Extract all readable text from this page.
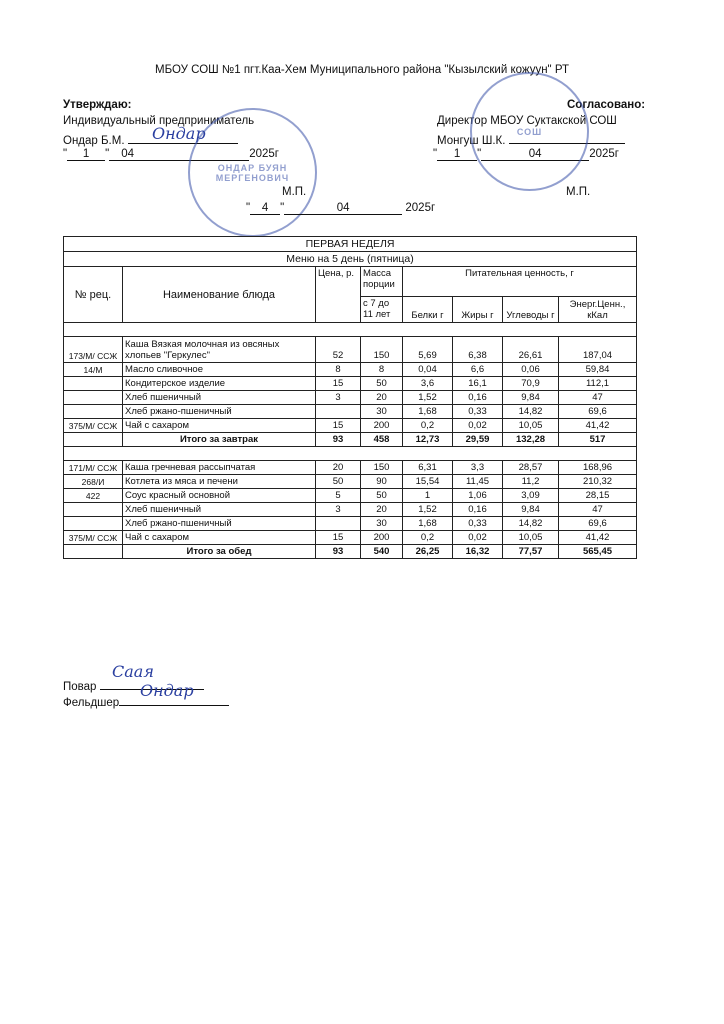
МБОУ СОШ №1 пгт.Каа-Хем Муниципального района "Кызылский кожуун" РТ
Утверждаю:
Индивидуальный предприниматель
Ондар Б.М.	Ондар
" 1 " 04	2025г
ОНДАР БУЯН МЕРГЕНОВИЧ
М.П.
Согласовано:
Директор МБОУ Суктакской СОШ
Монгуш Ш.К.
" 1 "	04	2025г
СОШ
М.П.
" 4 "	04	2025г
ПЕРВАЯ НЕДЕЛЯ							
Меню на 5 день (пятница)							
№ рец.	Наименование блюда	Цена, р.	Масса порции	Питательная ценность, г			
			с 7 до 11 лет	Белки г	Жиры г	Углеводы г	Энерг.Ценн., кКал

173/М/ ССЖ	Каша Вязкая молочная из овсяных хлопьев "Геркулес"	52	150	5,69	6,38	26,61	187,04
14/М	Масло сливочное	8	8	0,04	6,6	0,06	59,84
	Кондитерское изделие	15	50	3,6	16,1	70,9	112,1
	Хлеб пшеничный	3	20	1,52	0,16	9,84	47
	Хлеб ржано-пшеничный		30	1,68	0,33	14,82	69,6
375/М/ ССЖ	Чай с сахаром	15	200	0,2	0,02	10,05	41,42
	Итого за завтрак	93	458	12,73	29,59	132,28	517

171/М/ ССЖ	Каша гречневая рассыпчатая	20	150	6,31	3,3	28,57	168,96
268/И	Котлета из мяса и печени	50	90	15,54	11,45	11,2	210,32
422	Соус красный основной	5	50	1	1,06	3,09	28,15
	Хлеб пшеничный	3	20	1,52	0,16	9,84	47
	Хлеб ржано-пшеничный		30	1,68	0,33	14,82	69,6
375/М/ ССЖ	Чай с сахаром	15	200	0,2	0,02	10,05	41,42
	Итого за обед	93	540	26,25	16,32	77,57	565,45
Повар
Саая
Фельдшер
Ондар
